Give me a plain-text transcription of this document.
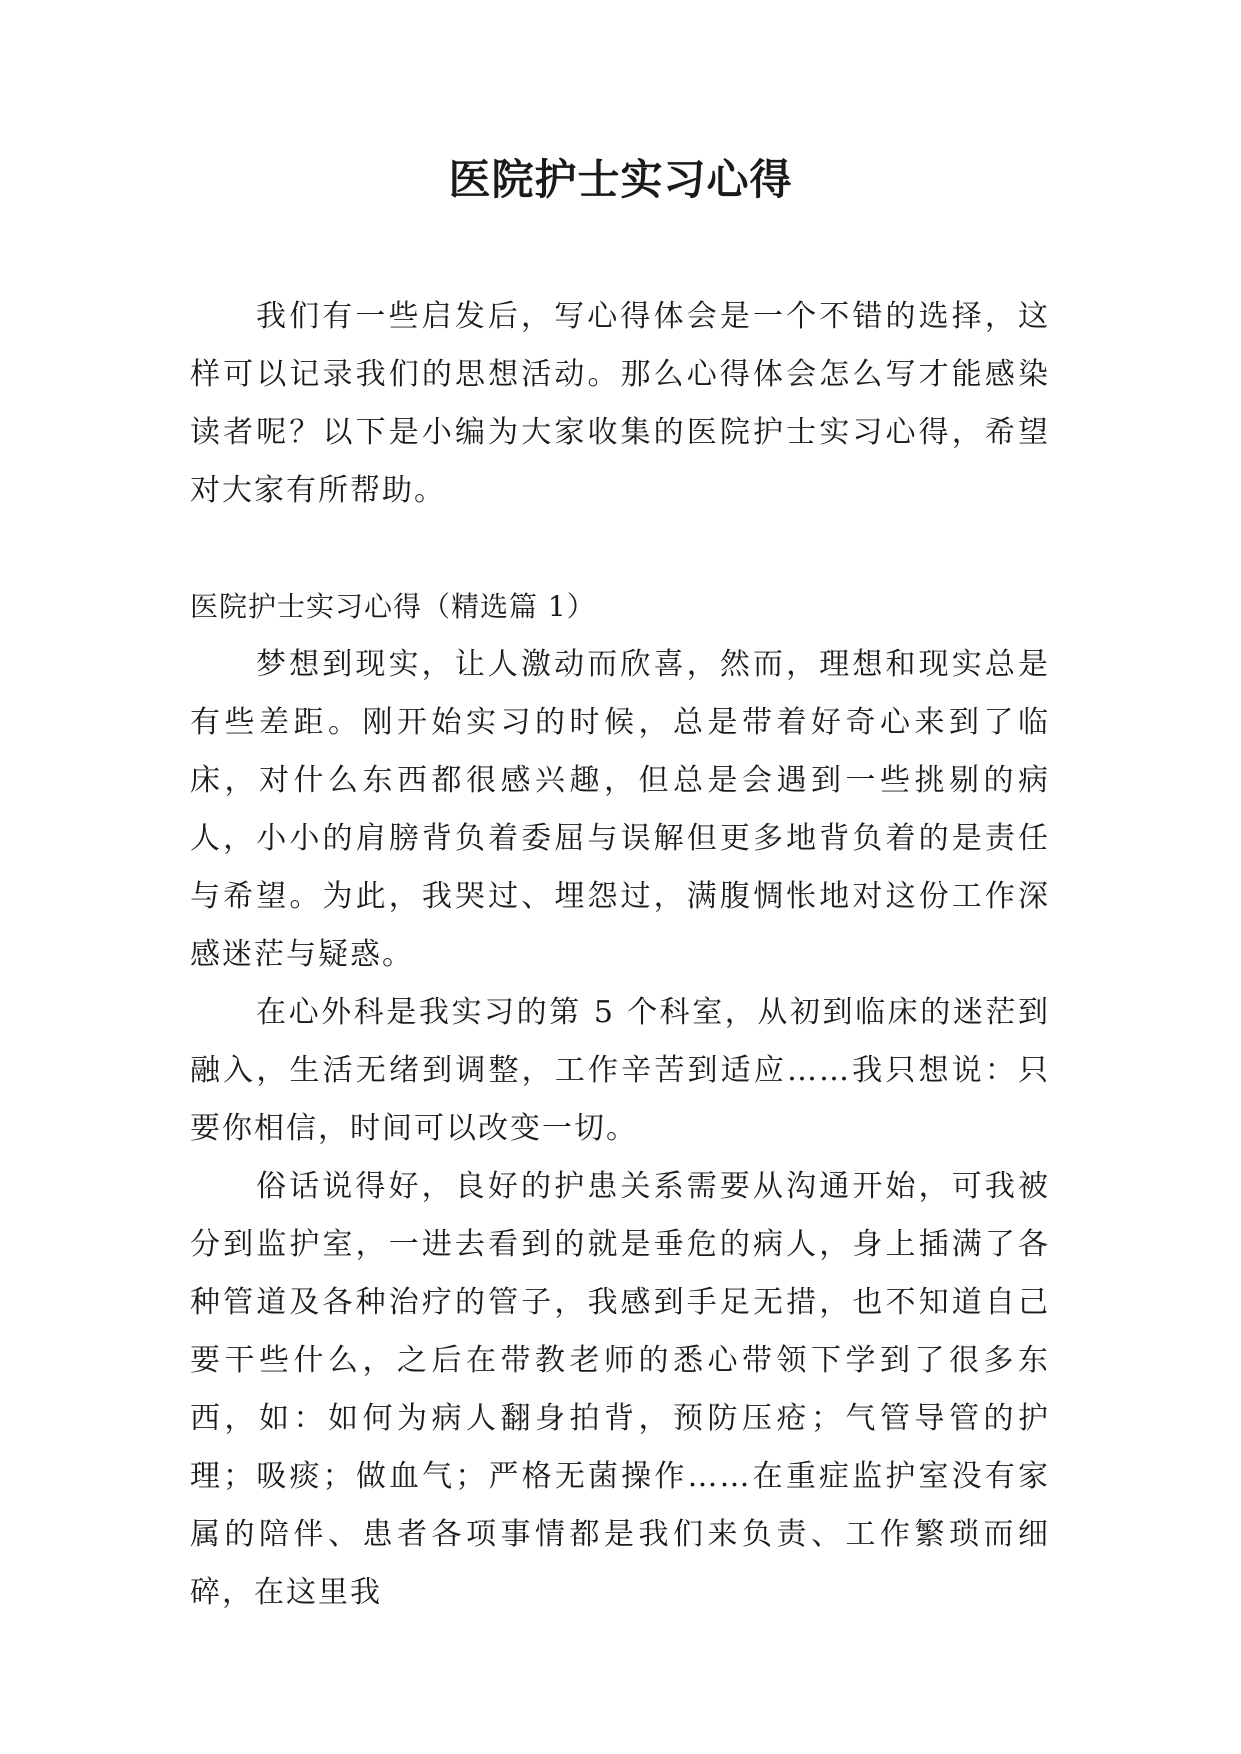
医院护士实习心得

我们有一些启发后，写心得体会是一个不错的选择，这样可以记录我们的思想活动。那么心得体会怎么写才能感染读者呢？以下是小编为大家收集的医院护士实习心得，希望对大家有所帮助。

医院护士实习心得（精选篇 1）

梦想到现实，让人激动而欣喜，然而，理想和现实总是有些差距。刚开始实习的时候，总是带着好奇心来到了临床，对什么东西都很感兴趣，但总是会遇到一些挑剔的病人，小小的肩膀背负着委屈与误解但更多地背负着的是责任与希望。为此，我哭过、埋怨过，满腹惆怅地对这份工作深感迷茫与疑惑。

在心外科是我实习的第 5 个科室，从初到临床的迷茫到融入，生活无绪到调整，工作辛苦到适应……我只想说：只要你相信，时间可以改变一切。

俗话说得好，良好的护患关系需要从沟通开始，可我被分到监护室，一进去看到的就是垂危的病人，身上插满了各种管道及各种治疗的管子，我感到手足无措，也不知道自己要干些什么，之后在带教老师的悉心带领下学到了很多东西，如：如何为病人翻身拍背，预防压疮；气管导管的护理；吸痰；做血气；严格无菌操作……在重症监护室没有家属的陪伴、患者各项事情都是我们来负责、工作繁琐而细碎，在这里我
